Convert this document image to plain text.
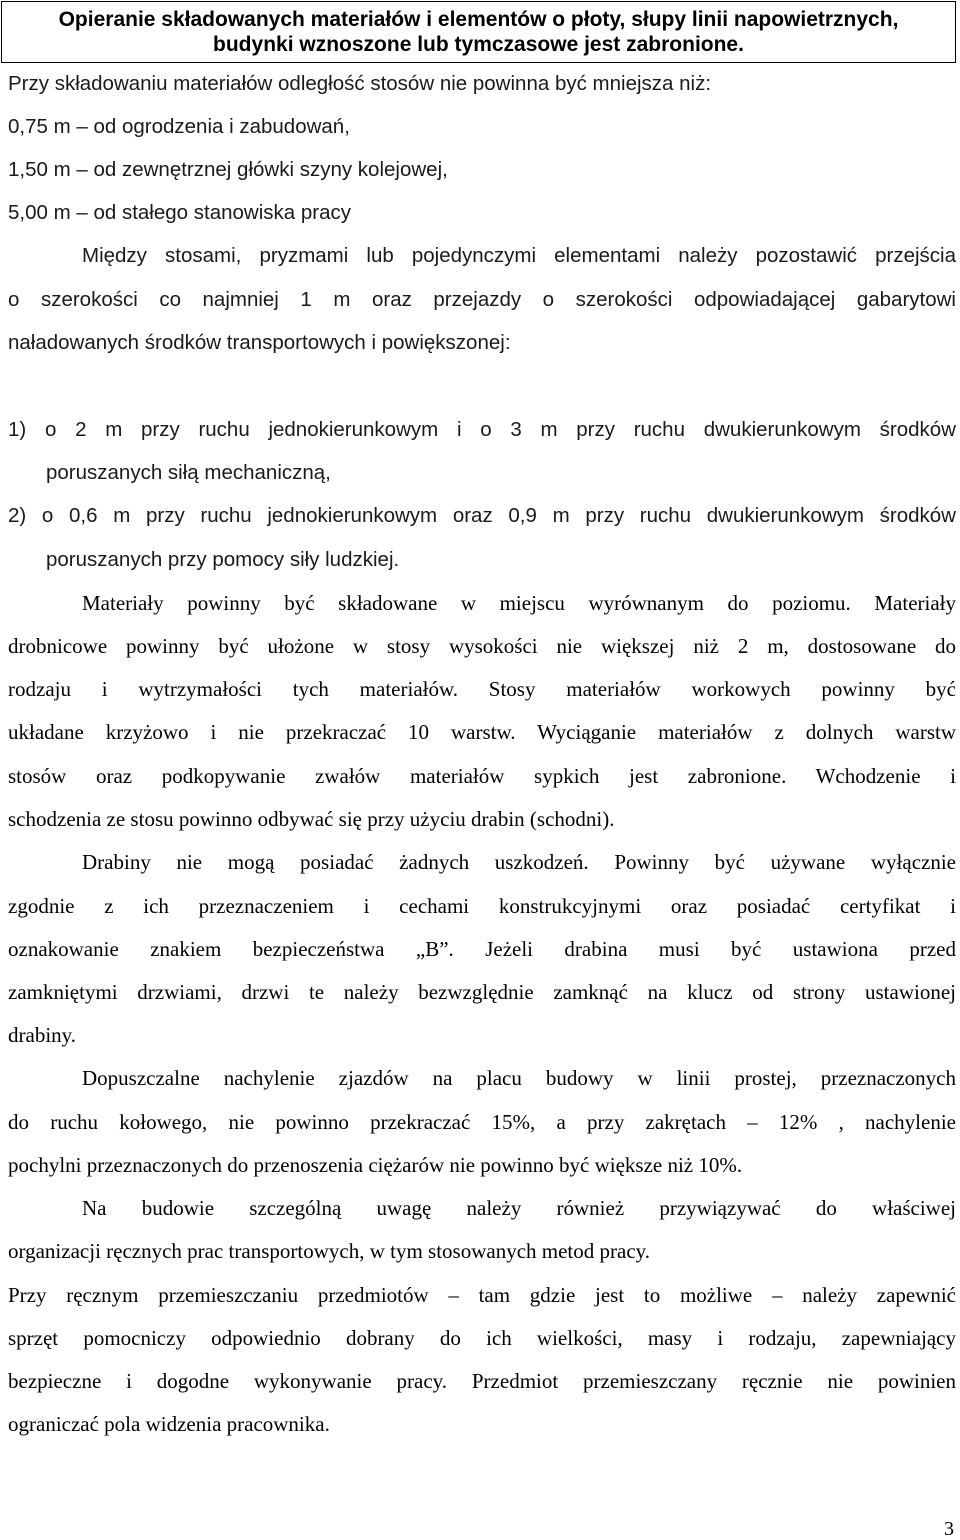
Opieranie składowanych materiałów i elementów o płoty, słupy linii napowietrznych,
budynki wznoszone lub tymczasowe jest zabronione.
Przy składowaniu materiałów odległość stosów nie powinna być mniejsza niż:
0,75 m – od ogrodzenia i zabudowań,
1,50 m – od zewnętrznej główki szyny kolejowej,
5,00 m – od stałego stanowiska pracy
Między stosami, pryzmami lub pojedynczymi elementami należy pozostawić przejścia
o szerokości co najmniej 1 m oraz przejazdy o szerokości odpowiadającej gabarytowi
naładowanych środków transportowych i powiększonej:
1) o 2 m przy ruchu jednokierunkowym i o 3 m przy ruchu dwukierunkowym środków
poruszanych siłą mechaniczną,
2) o 0,6 m przy ruchu jednokierunkowym oraz 0,9 m przy ruchu dwukierunkowym środków
poruszanych przy pomocy siły ludzkiej.
Materiały powinny być składowane w miejscu wyrównanym do poziomu. Materiały
drobnicowe powinny być ułożone w stosy wysokości nie większej niż 2 m, dostosowane do
rodzaju i wytrzymałości tych materiałów. Stosy materiałów workowych powinny być
układane krzyżowo i nie przekraczać 10 warstw. Wyciąganie materiałów z dolnych warstw
stosów oraz podkopywanie zwałów materiałów sypkich jest zabronione. Wchodzenie i
schodzenia ze stosu powinno odbywać się przy użyciu drabin (schodni).
Drabiny nie mogą posiadać żadnych uszkodzeń. Powinny być używane wyłącznie
zgodnie z ich przeznaczeniem i cechami konstrukcyjnymi oraz posiadać certyfikat i
oznakowanie znakiem bezpieczeństwa „B”. Jeżeli drabina musi być ustawiona przed
zamkniętymi drzwiami, drzwi te należy bezwzględnie zamknąć na klucz od strony ustawionej
drabiny.
Dopuszczalne nachylenie zjazdów na placu budowy w linii prostej, przeznaczonych
do ruchu kołowego, nie powinno przekraczać 15%, a przy zakrętach – 12% , nachylenie
pochylni przeznaczonych do przenoszenia ciężarów nie powinno być większe niż 10%.
Na budowie szczególną uwagę należy również przywiązywać do właściwej
organizacji ręcznych prac transportowych, w tym stosowanych metod pracy.
Przy ręcznym przemieszczaniu przedmiotów – tam gdzie jest to możliwe – należy zapewnić
sprzęt pomocniczy odpowiednio dobrany do ich wielkości, masy i rodzaju, zapewniający
bezpieczne i dogodne wykonywanie pracy. Przedmiot przemieszczany ręcznie nie powinien
ograniczać pola widzenia pracownika.
3
